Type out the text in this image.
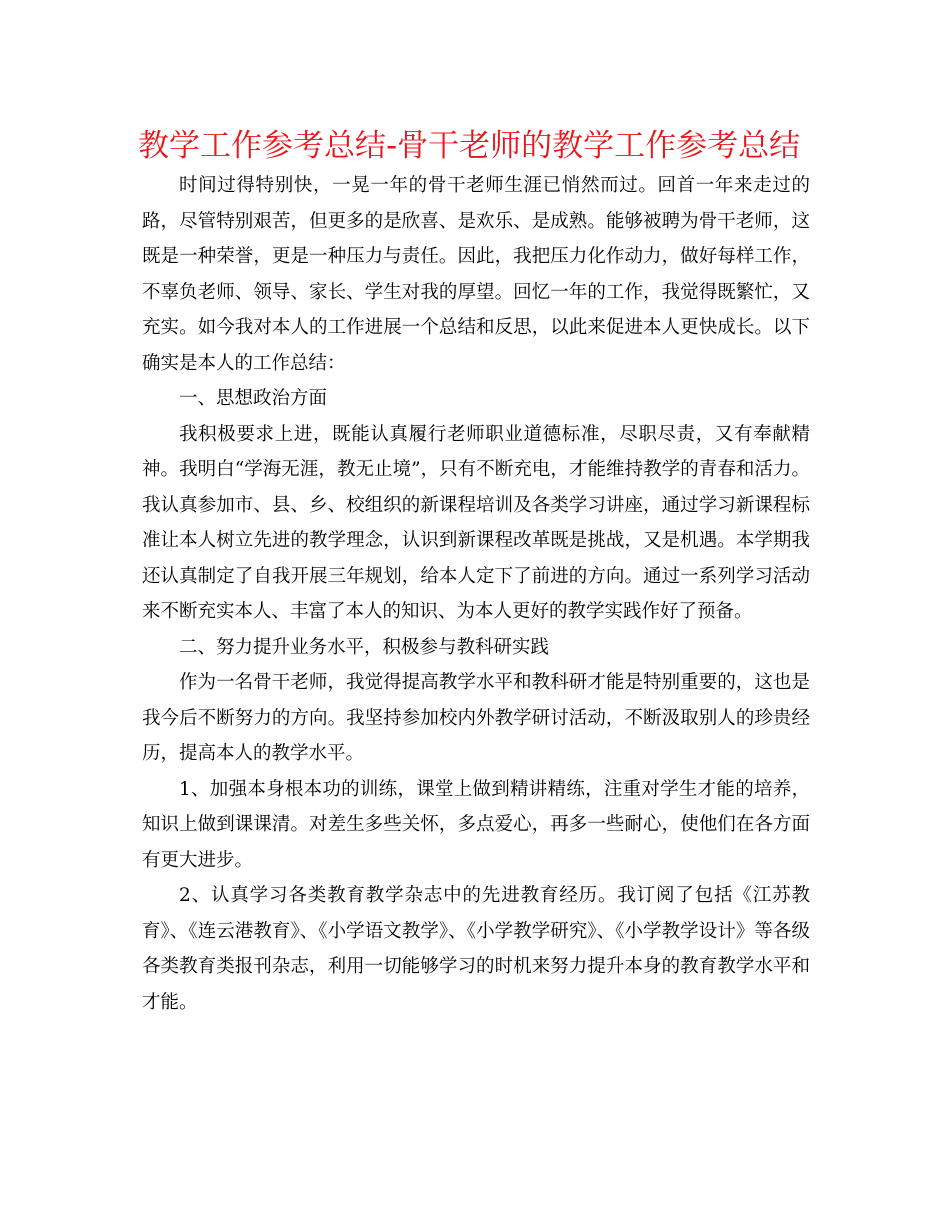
教学工作参考总结-骨干老师的教学工作参考总结

时间过得特别快，一晃一年的骨干老师生涯已悄然而过。回首一年来走过的路，尽管特别艰苦，但更多的是欣喜、是欢乐、是成熟。能够被聘为骨干老师，这既是一种荣誉，更是一种压力与责任。因此，我把压力化作动力，做好每样工作，不辜负老师、领导、家长、学生对我的厚望。回忆一年的工作，我觉得既繁忙，又充实。如今我对本人的工作进展一个总结和反思，以此来促进本人更快成长。以下确实是本人的工作总结：

一、思想政治方面

我积极要求上进，既能认真履行老师职业道德标准，尽职尽责，又有奉献精神。我明白“学海无涯，教无止境”，只有不断充电，才能维持教学的青春和活力。我认真参加市、县、乡、校组织的新课程培训及各类学习讲座，通过学习新课程标准让本人树立先进的教学理念，认识到新课程改革既是挑战，又是机遇。本学期我还认真制定了自我开展三年规划，给本人定下了前进的方向。通过一系列学习活动来不断充实本人、丰富了本人的知识、为本人更好的教学实践作好了预备。

二、努力提升业务水平，积极参与教科研实践

作为一名骨干老师，我觉得提高教学水平和教科研才能是特别重要的，这也是我今后不断努力的方向。我坚持参加校内外教学研讨活动，不断汲取别人的珍贵经历，提高本人的教学水平。

1、加强本身根本功的训练，课堂上做到精讲精练，注重对学生才能的培养，知识上做到课课清。对差生多些关怀，多点爱心，再多一些耐心，使他们在各方面有更大进步。

2、认真学习各类教育教学杂志中的先进教育经历。我订阅了包括《江苏教育》、《连云港教育》、《小学语文教学》、《小学教学研究》、《小学教学设计》等各级各类教育类报刊杂志，利用一切能够学习的时机来努力提升本身的教育教学水平和才能。
